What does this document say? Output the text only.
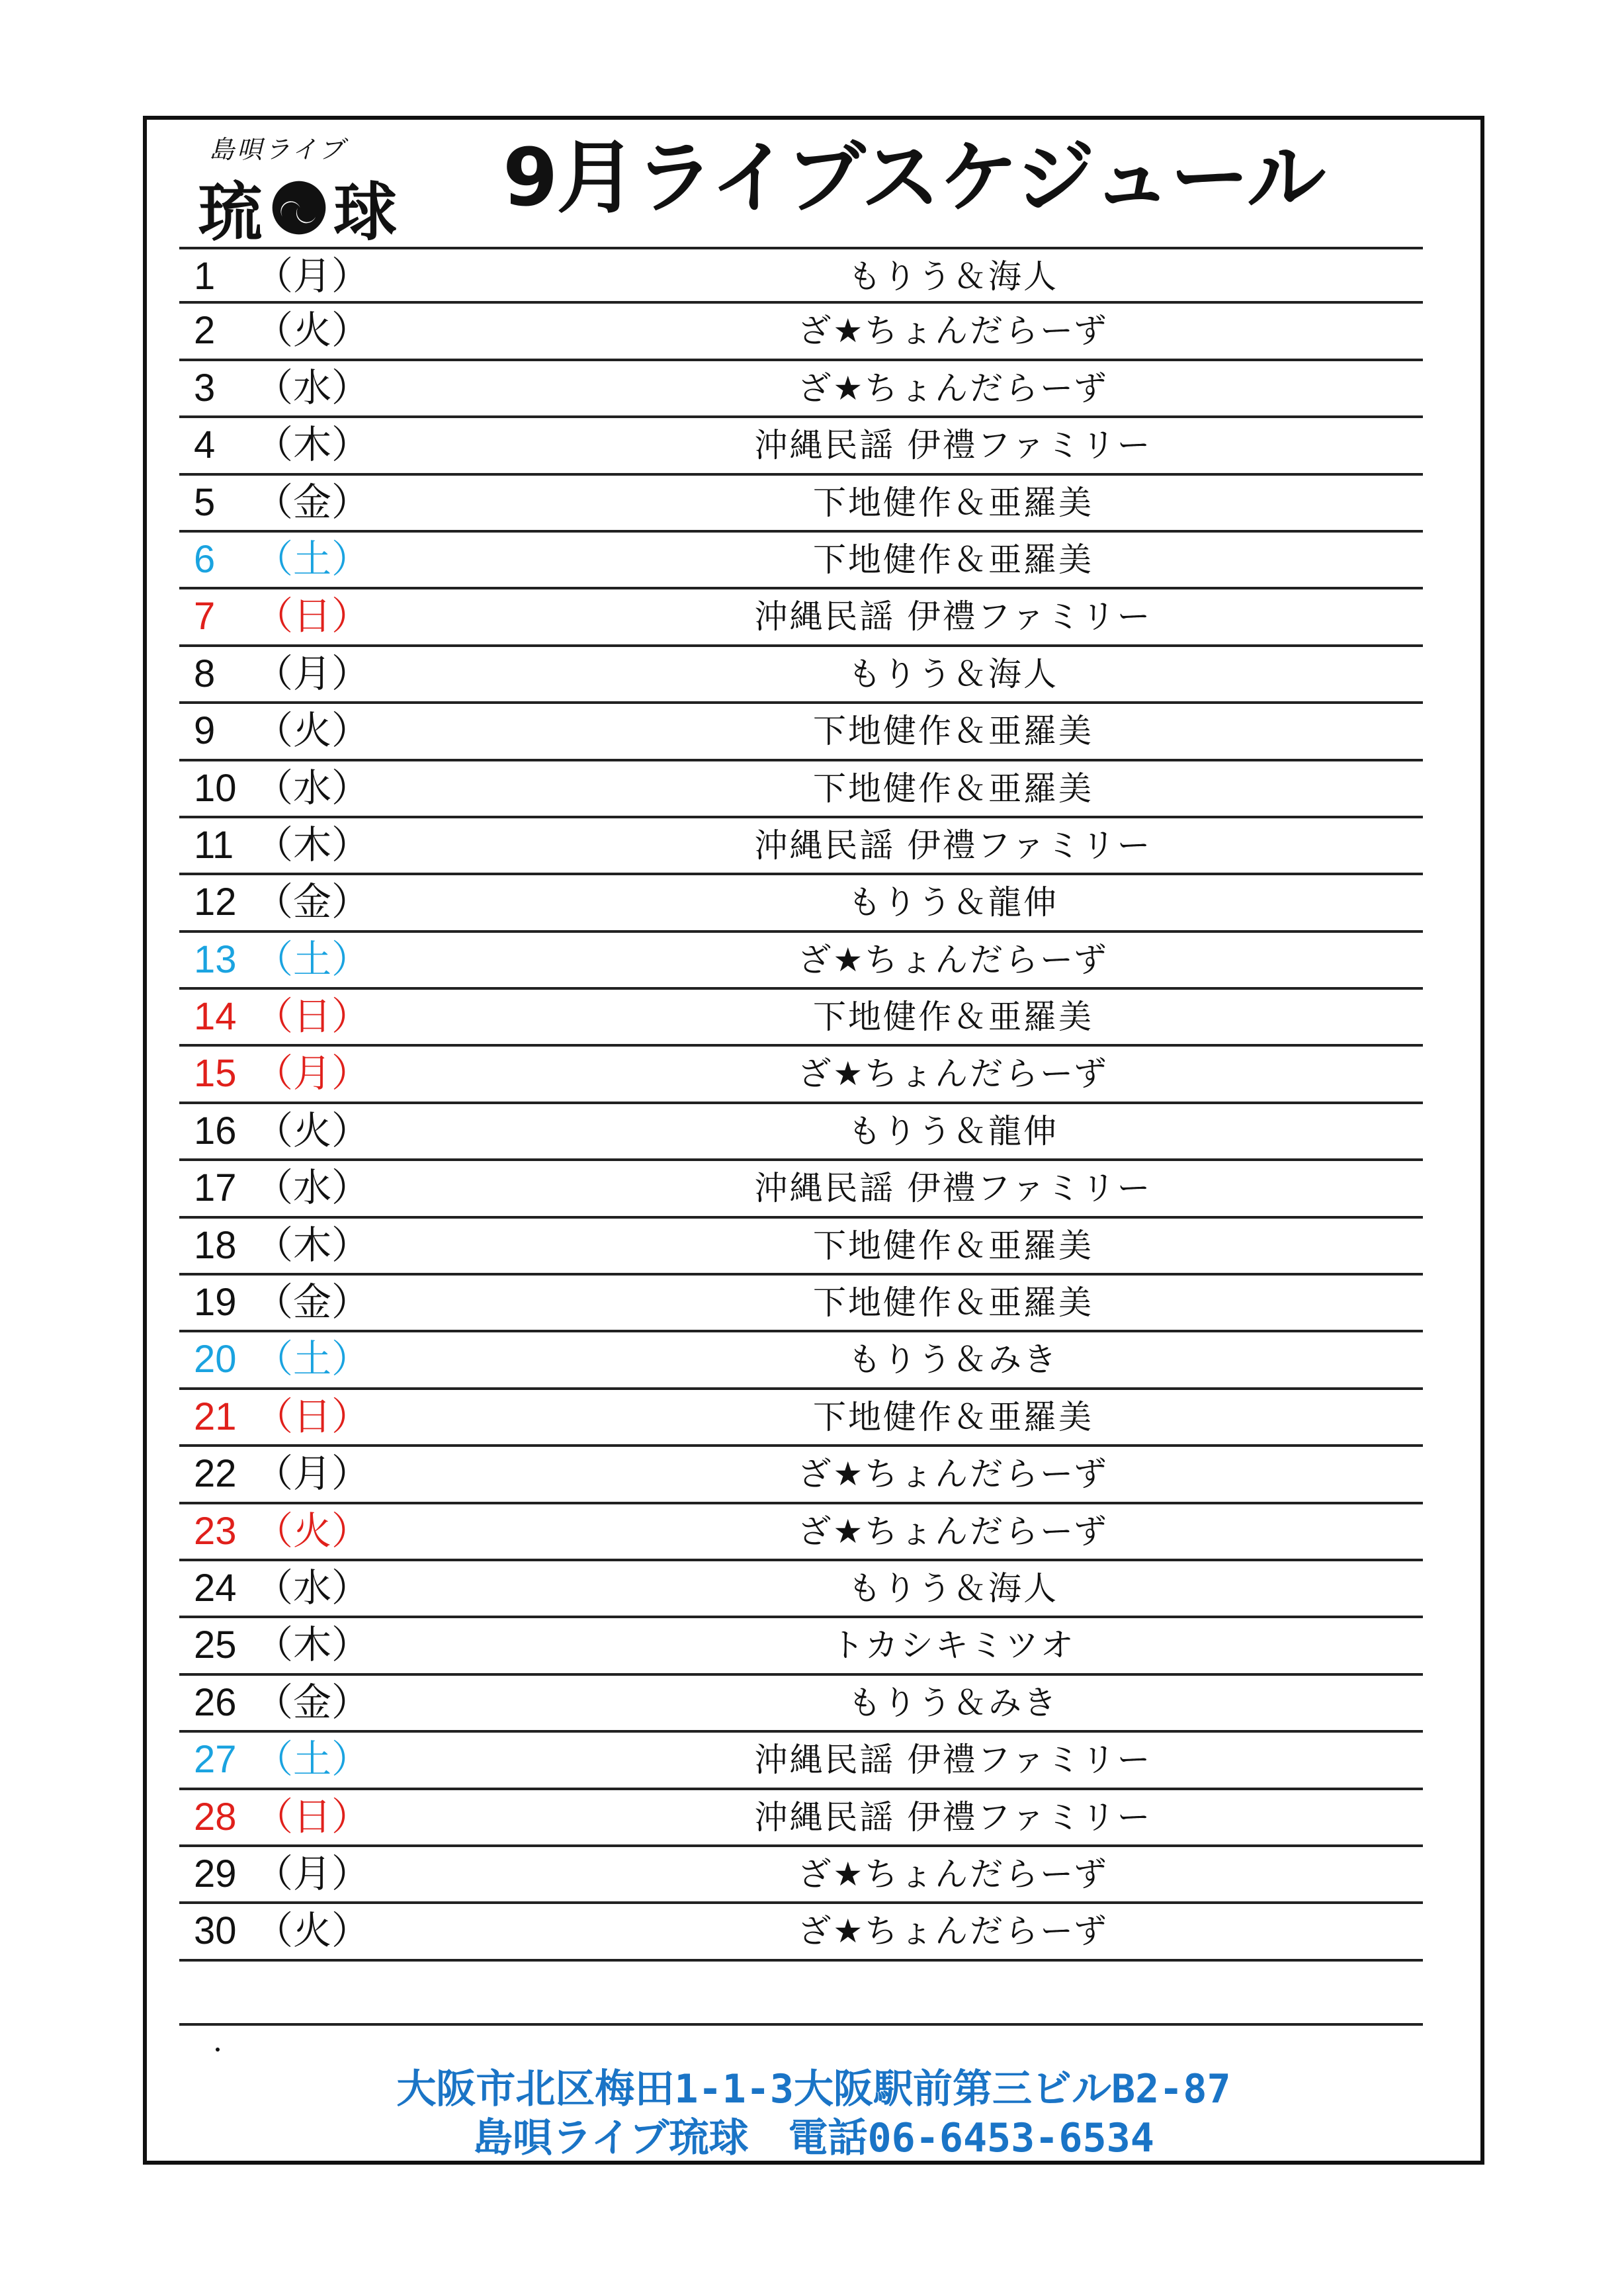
島唄ライブ
琉 球 9月ライブスケジュール
1 （月）	もりう＆海人
2 （火）	ざ★ちょんだらーず
3 （水）	ざ★ちょんだらーず
4 （木）	沖縄民謡 伊禮ファミリー
5 （金）	下地健作＆亜羅美
6 （土）	下地健作＆亜羅美
7 （日）	沖縄民謡 伊禮ファミリー
8 （月）	もりう＆海人
9 （火）	下地健作＆亜羅美
10 （水）	下地健作＆亜羅美
11 （木）	沖縄民謡 伊禮ファミリー
12 （金）	もりう＆龍伸
13 （土）	ざ★ちょんだらーず
14 （日）	下地健作＆亜羅美
15 （月）	ざ★ちょんだらーず
16 （火）	もりう＆龍伸
17 （水）	沖縄民謡 伊禮ファミリー
18 （木）	下地健作＆亜羅美
19 （金）	下地健作＆亜羅美
20 （土）	もりう＆みき
21 （日）	下地健作＆亜羅美
22 （月）	ざ★ちょんだらーず
23 （火）	ざ★ちょんだらーず
24 （水）	もりう＆海人
25 （木）	トカシキミツオ
26 （金）	もりう＆みき
27 （土）	沖縄民謡 伊禮ファミリー
28 （日）	沖縄民謡 伊禮ファミリー
29 （月）	ざ★ちょんだらーず
30 （火）	ざ★ちょんだらーず
大阪市北区梅田1-1-3大阪駅前第三ビルB2-87
島唄ライブ琉球　電話06-6453-6534
